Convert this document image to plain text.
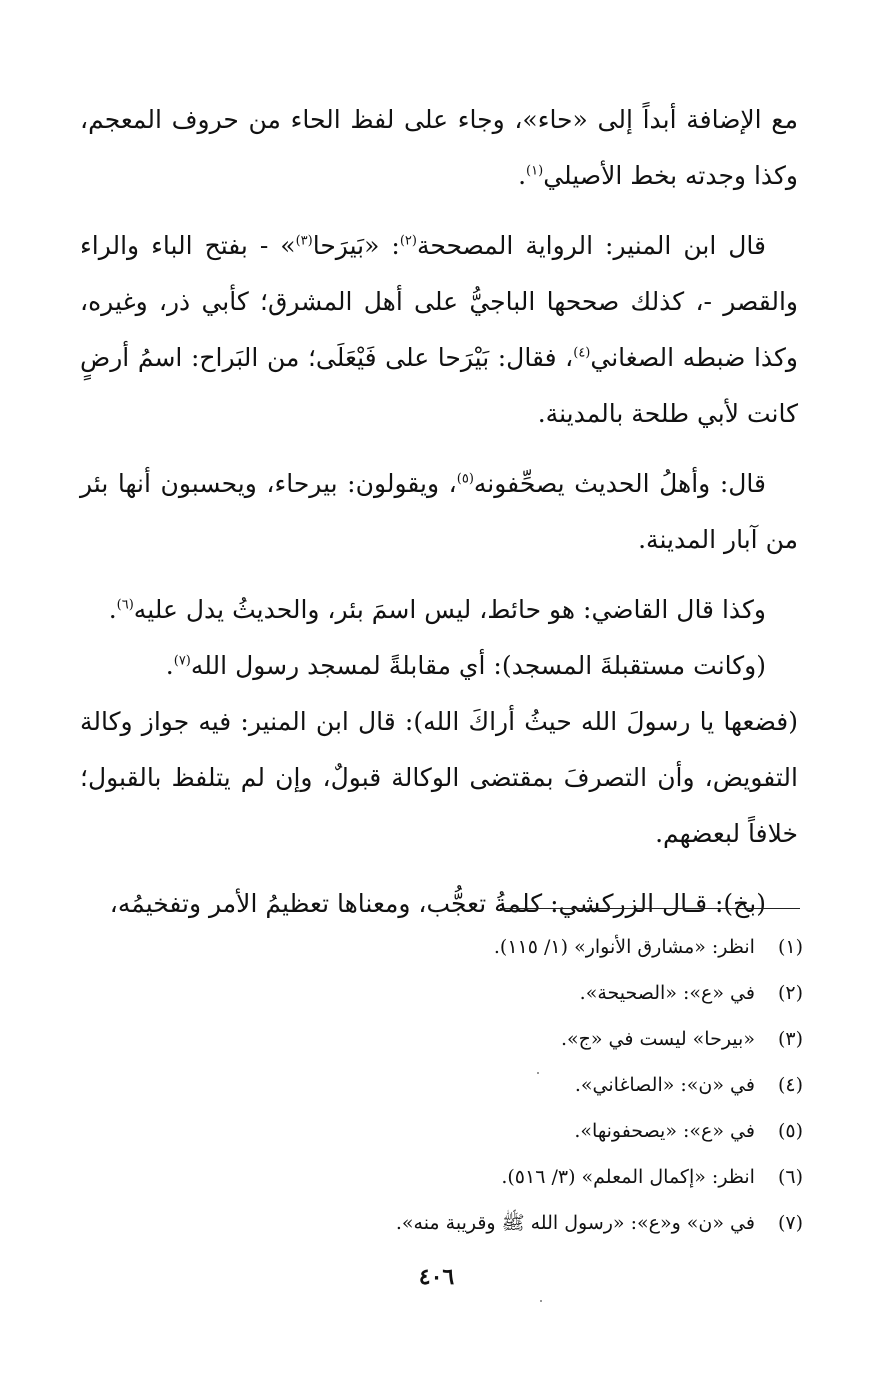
مع الإضافة أبداً إلى «حاء»، وجاء على لفظ الحاء من حروف المعجم، وكذا وجدته بخط الأصيلي$^{(١)}$.

قال ابن المنير: الرواية المصححة$^{(٢)}$: «بَيرَحا$^{(٣)}$» - بفتح الباء والراء والقصر -، كذلك صححها الباجيُّ على أهل المشرق؛ كأبي ذر، وغيره، وكذا ضبطه الصغاني$^{(٤)}$، فقال: بَيْرَحا على فَيْعَلَى؛ من البَراح: اسمُ أرضٍ كانت لأبي طلحة بالمدينة.

قال: وأهلُ الحديث يصحِّفونه$^{(٥)}$، ويقولون: بيرحاء، ويحسبون أنها بئر من آبار المدينة.

وكذا قال القاضي: هو حائط، ليس اسمَ بئر، والحديثُ يدل عليه$^{(٦)}$.

(وكانت مستقبلةَ المسجد): أي مقابلةً لمسجد رسول الله$^{(٧)}$.

(فضعها يا رسولَ الله حيثُ أراكَ الله): قال ابن المنير: فيه جواز وكالة التفويض، وأن التصرفَ بمقتضى الوكالة قبولٌ، وإن لم يتلفظ بالقبول؛ خلافاً لبعضهم.

(بخ): قـال الزركشي: كلمةُ تعجُّب، ومعناها تعظيمُ الأمر وتفخيمُه،

(١) انظر: «مشارق الأنوار» (١/ ١١٥).
(٢) في «ع»: «الصحيحة».
(٣) «بيرحا» ليست في «ج».
(٤) في «ن»: «الصاغاني».
(٥) في «ع»: «يصحفونها».
(٦) انظر: «إكمال المعلم» (٣/ ٥١٦).
(٧) في «ن» و«ع»: «رسول الله ﷺ وقريبة منه».
٤٠٦
